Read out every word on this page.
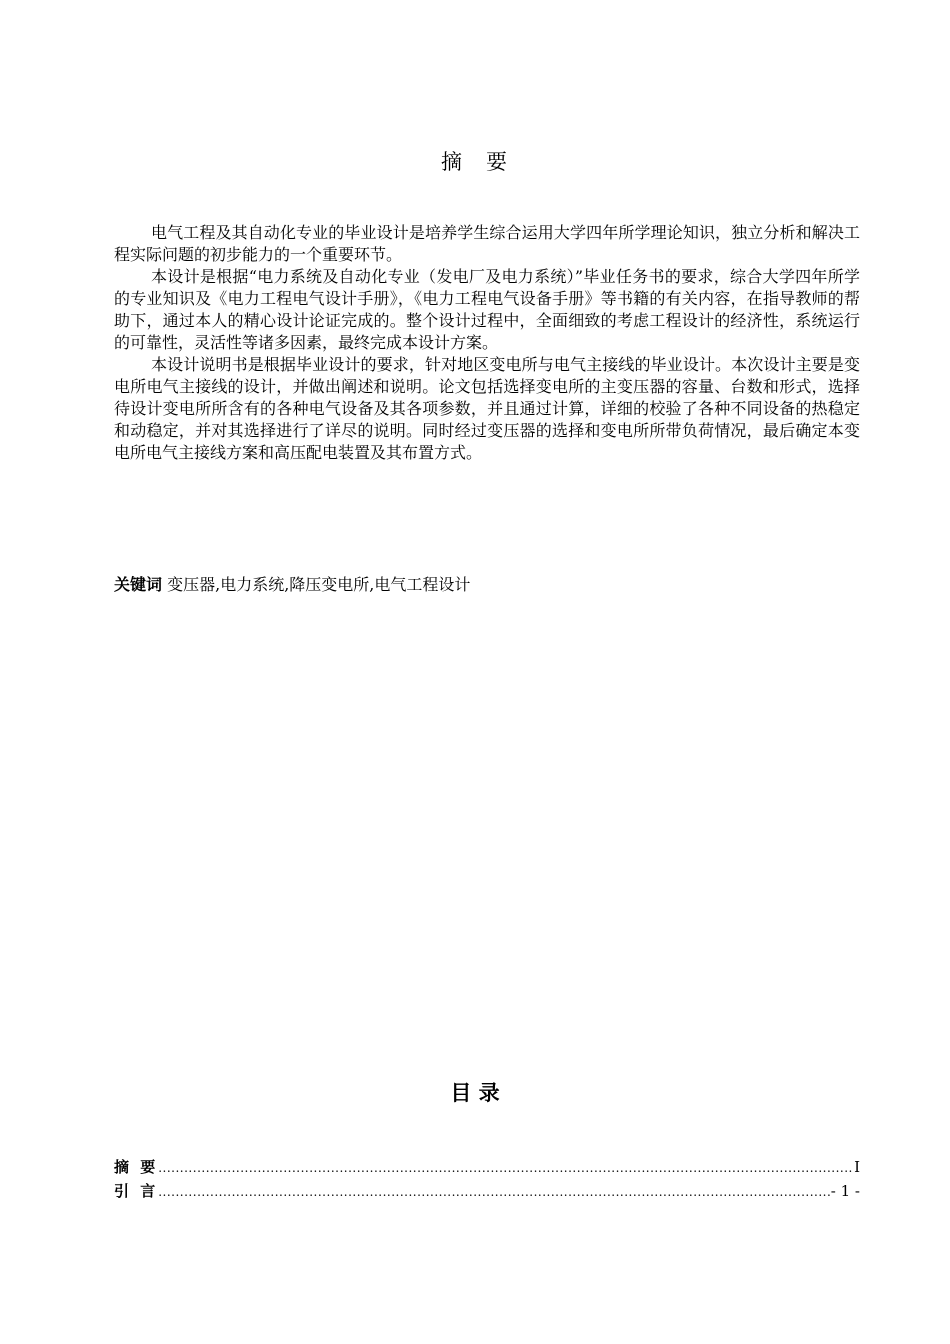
摘 要

电气工程及其自动化专业的毕业设计是培养学生综合运用大学四年所学理论知识，独立分析和解决工程实际问题的初步能力的一个重要环节。

本设计是根据“电力系统及自动化专业（发电厂及电力系统）”毕业任务书的要求，综合大学四年所学的专业知识及《电力工程电气设计手册》，《电力工程电气设备手册》等书籍的有关内容，在指导教师的帮助下，通过本人的精心设计论证完成的。整个设计过程中，全面细致的考虑工程设计的经济性，系统运行的可靠性，灵活性等诸多因素，最终完成本设计方案。

本设计说明书是根据毕业设计的要求，针对地区变电所与电气主接线的毕业设计。本次设计主要是变电所电气主接线的设计，并做出阐述和说明。论文包括选择变电所的主变压器的容量、台数和形式，选择待设计变电所所含有的各种电气设备及其各项参数，并且通过计算，详细的校验了各种不同设备的热稳定和动稳定，并对其选择进行了详尽的说明。同时经过变压器的选择和变电所所带负荷情况，最后确定本变电所电气主接线方案和高压配电装置及其布置方式。

关键词 变压器,电力系统,降压变电所,电气工程设计
目 录
摘 要 .....	I
引 言 .....	- 1 -
